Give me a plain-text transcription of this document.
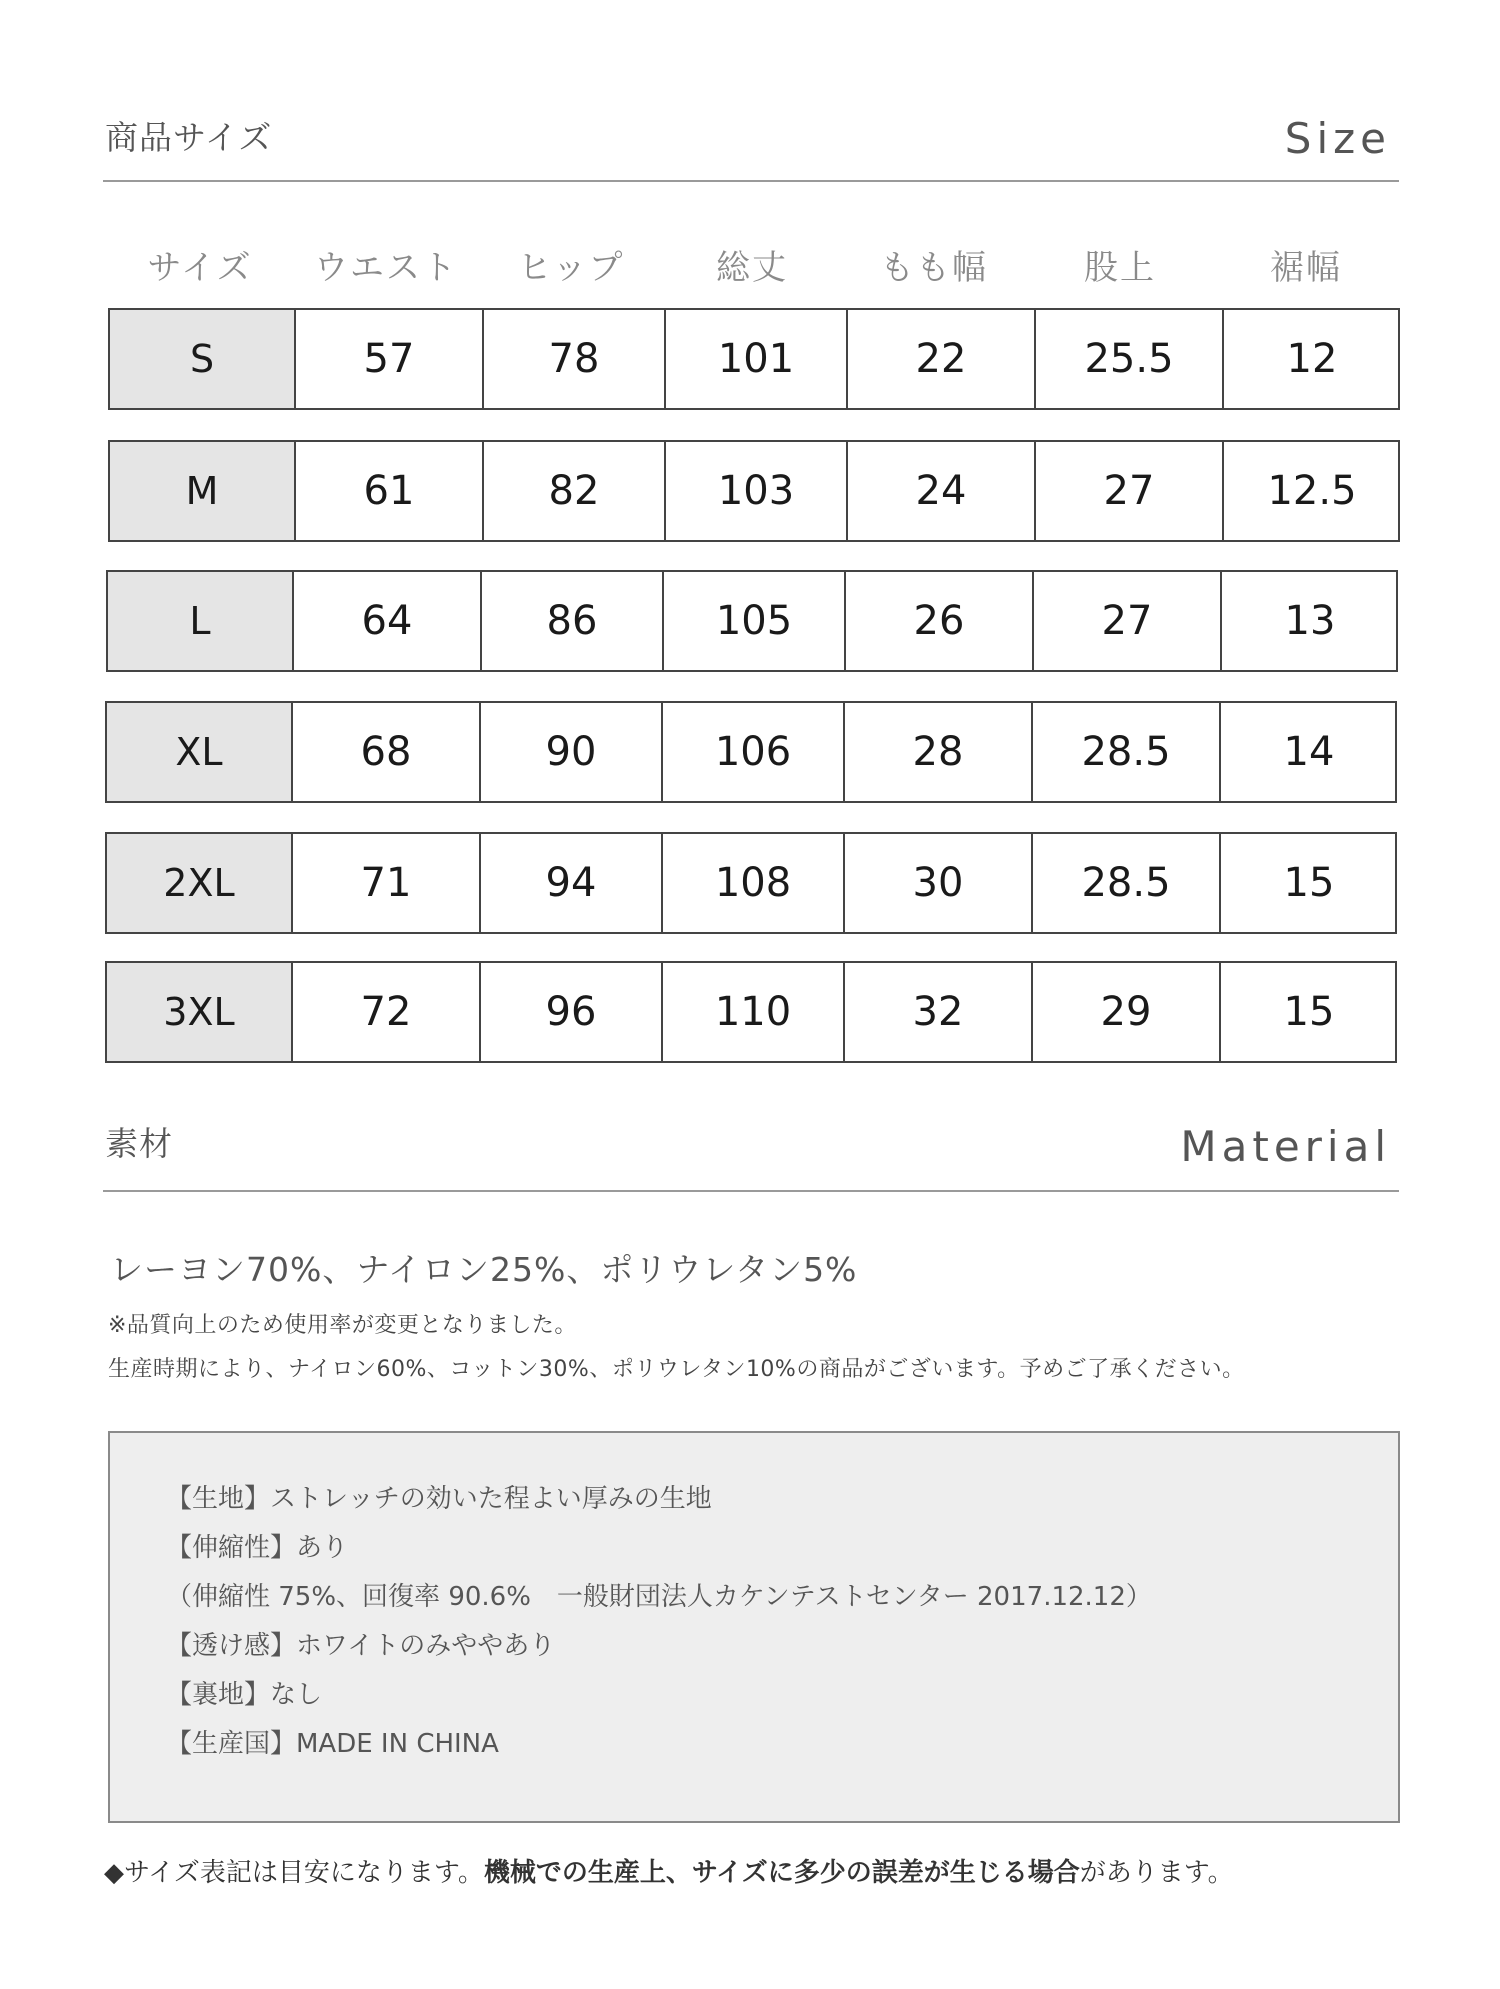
商品サイズ	Size
サイズ	ウエスト	ヒップ	総丈	もも幅	股上	裾幅
S	57	78	101	22	25.5	12
M	61	82	103	24	27	12.5
L	64	86	105	26	27	13
XL	68	90	106	28	28.5	14
2XL	71	94	108	30	28.5	15
3XL	72	96	110	32	29	15
素材	Material
レーヨン70%、ナイロン25%、ポリウレタン5%
※品質向上のため使用率が変更となりました。
生産時期により、ナイロン60%、コットン30%、ポリウレタン10%の商品がございます。予めご了承ください。
【生地】ストレッチの効いた程よい厚みの生地
【伸縮性】あり
（伸縮性 75%、回復率 90.6%　一般財団法人カケンテストセンター 2017.12.12）
【透け感】ホワイトのみややあり
【裏地】なし
【生産国】MADE IN CHINA
◆サイズ表記は目安になります。機械での生産上、サイズに多少の誤差が生じる場合があります。
